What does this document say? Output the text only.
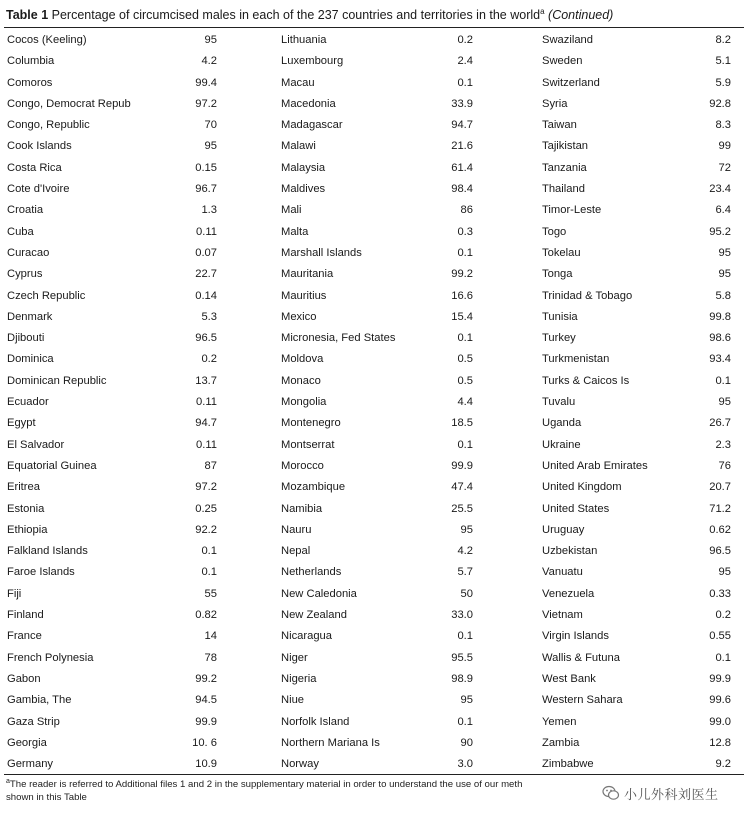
Table 1 Percentage of circumcised males in each of the 237 countries and territories in the world$^a$ (Continued)
Cocos (Keeling)	95
Columbia	4.2
Comoros	99.4
Congo, Democrat Repub	97.2
Congo, Republic	70
Cook Islands	95
Costa Rica	0.15
Cote d'Ivoire	96.7
Croatia	1.3
Cuba	0.11
Curacao	0.07
Cyprus	22.7
Czech Republic	0.14
Denmark	5.3
Djibouti	96.5
Dominica	0.2
Dominican Republic	13.7
Ecuador	0.11
Egypt	94.7
El Salvador	0.11
Equatorial Guinea	87
Eritrea	97.2
Estonia	0.25
Ethiopia	92.2
Falkland Islands	0.1
Faroe Islands	0.1
Fiji	55
Finland	0.82
France	14
French Polynesia	78
Gabon	99.2
Gambia, The	94.5
Gaza Strip	99.9
Georgia	10. 6
Germany	10.9
Lithuania	0.2
Luxembourg	2.4
Macau	0.1
Macedonia	33.9
Madagascar	94.7
Malawi	21.6
Malaysia	61.4
Maldives	98.4
Mali	86
Malta	0.3
Marshall Islands	0.1
Mauritania	99.2
Mauritius	16.6
Mexico	15.4
Micronesia, Fed States	0.1
Moldova	0.5
Monaco	0.5
Mongolia	4.4
Montenegro	18.5
Montserrat	0.1
Morocco	99.9
Mozambique	47.4
Namibia	25.5
Nauru	95
Nepal	4.2
Netherlands	5.7
New Caledonia	50
New Zealand	33.0
Nicaragua	0.1
Niger	95.5
Nigeria	98.9
Niue	95
Norfolk Island	0.1
Northern Mariana Is	90
Norway	3.0
Swaziland	8.2
Sweden	5.1
Switzerland	5.9
Syria	92.8
Taiwan	8.3
Tajikistan	99
Tanzania	72
Thailand	23.4
Timor-Leste	6.4
Togo	95.2
Tokelau	95
Tonga	95
Trinidad & Tobago	5.8
Tunisia	99.8
Turkey	98.6
Turkmenistan	93.4
Turks & Caicos Is	0.1
Tuvalu	95
Uganda	26.7
Ukraine	2.3
United Arab Emirates	76
United Kingdom	20.7
United States	71.2
Uruguay	0.62
Uzbekistan	96.5
Vanuatu	95
Venezuela	0.33
Vietnam	0.2
Virgin Islands	0.55
Wallis & Futuna	0.1
West Bank	99.9
Western Sahara	99.6
Yemen	99.0
Zambia	12.8
Zimbabwe	9.2
$^a$The reader is referred to Additional files 1 and 2 in the supplementary material in order to understand the use of our meth
shown in this Table	小儿外科刘医生
